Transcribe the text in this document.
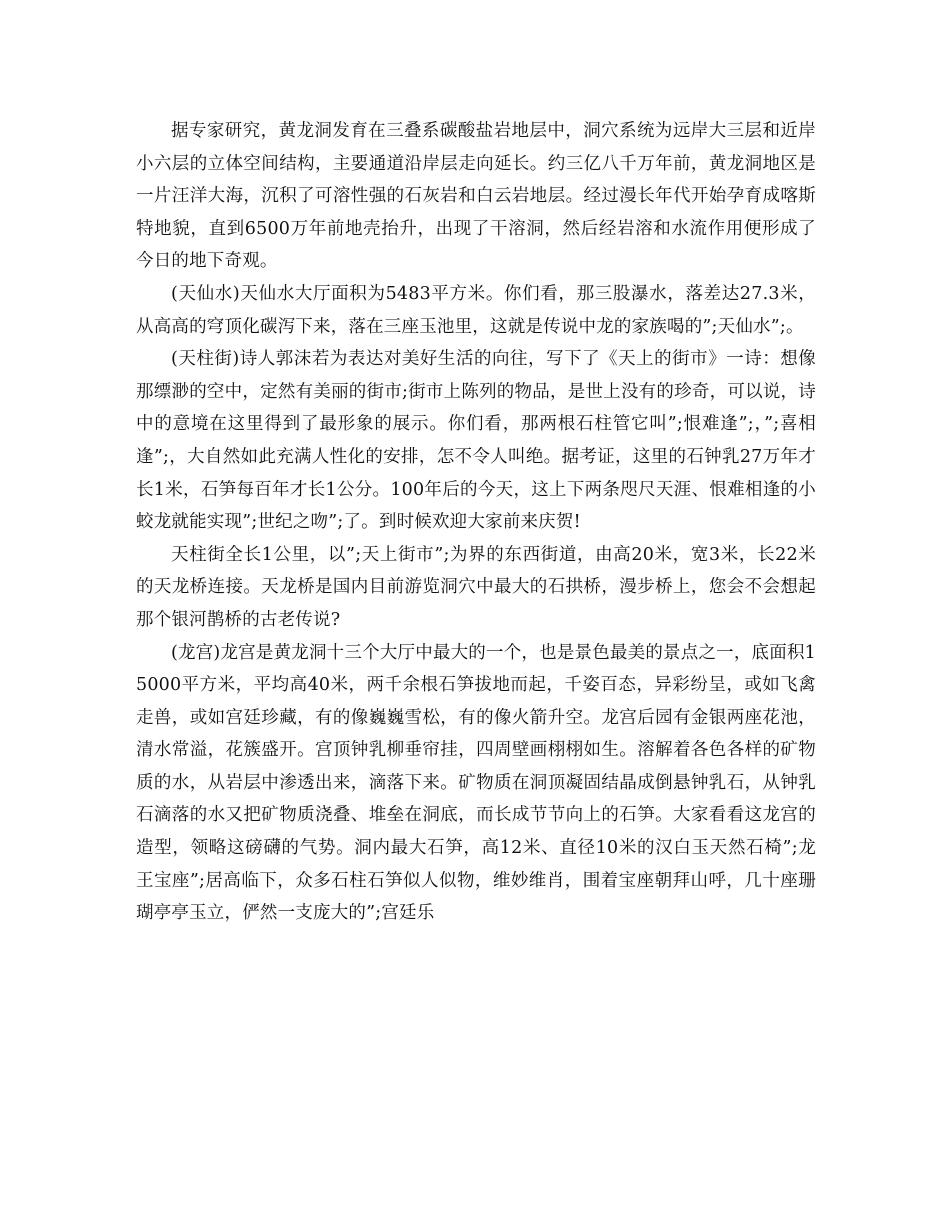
据专家研究，黄龙洞发育在三叠系碳酸盐岩地层中，洞穴系统为远岸大三层和近岸小六层的立体空间结构，主要通道沿岸层走向延长。约三亿八千万年前，黄龙洞地区是一片汪洋大海，沉积了可溶性强的石灰岩和白云岩地层。经过漫长年代开始孕育成喀斯特地貌，直到6500万年前地壳抬升，出现了干溶洞，然后经岩溶和水流作用便形成了今日的地下奇观。

(天仙水)天仙水大厅面积为5483平方米。你们看，那三股瀑水，落差达27.3米，从高高的穹顶化碳泻下来，落在三座玉池里，这就是传说中龙的家族喝的”;天仙水”;。

(天柱街)诗人郭沫若为表达对美好生活的向往，写下了《天上的街市》一诗：想像那缥渺的空中，定然有美丽的街市;街市上陈列的物品，是世上没有的珍奇，可以说，诗中的意境在这里得到了最形象的展示。你们看，那两根石柱管它叫”;恨难逢”;，”;喜相逢”;，大自然如此充满人性化的安排，怎不令人叫绝。据考证，这里的石钟乳27万年才长1米，石笋每百年才长1公分。100年后的今天，这上下两条咫尺天涯、恨难相逢的小蛟龙就能实现”;世纪之吻”;了。到时候欢迎大家前来庆贺!

天柱街全长1公里，以”;天上街市”;为界的东西街道，由高20米，宽3米，长22米的天龙桥连接。天龙桥是国内目前游览洞穴中最大的石拱桥，漫步桥上，您会不会想起那个银河鹊桥的古老传说?

(龙宫)龙宫是黄龙洞十三个大厅中最大的一个，也是景色最美的景点之一，底面积15000平方米，平均高40米，两千余根石笋拔地而起，千姿百态，异彩纷呈，或如飞禽走兽，或如宫廷珍藏，有的像巍巍雪松，有的像火箭升空。龙宫后园有金银两座花池，清水常溢，花簇盛开。宫顶钟乳柳垂帘挂，四周壁画栩栩如生。溶解着各色各样的矿物质的水，从岩层中渗透出来，滴落下来。矿物质在洞顶凝固结晶成倒悬钟乳石，从钟乳石滴落的水又把矿物质浇叠、堆垒在洞底，而长成节节向上的石笋。大家看看这龙宫的造型，领略这磅礴的气势。洞内最大石笋，高12米、直径10米的汉白玉天然石椅”;龙王宝座”;居高临下，众多石柱石笋似人似物，维妙维肖，围着宝座朝拜山呼，几十座珊瑚亭亭玉立，俨然一支庞大的”;宫廷乐
